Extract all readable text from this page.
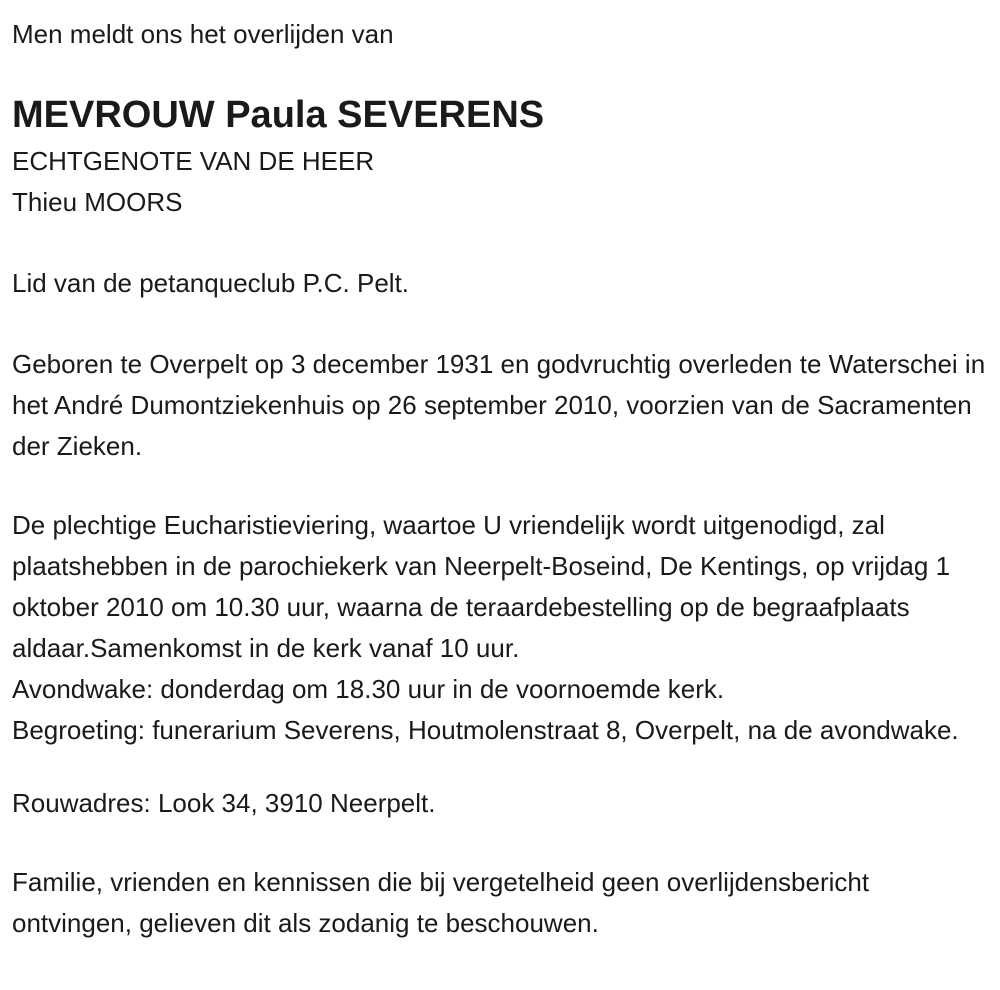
Men meldt ons het overlijden van

MEVROUW Paula SEVERENS

ECHTGENOTE VAN DE HEER

Thieu MOORS

Lid van de petanqueclub P.C. Pelt.

Geboren te Overpelt op 3 december 1931 en godvruchtig overleden te Waterschei in het André Dumontziekenhuis op 26 september 2010, voorzien van de Sacramenten der Zieken.

De plechtige Eucharistieviering, waartoe U vriendelijk wordt uitgenodigd, zal plaatshebben in de parochiekerk van Neerpelt-Boseind, De Kentings, op vrijdag 1 oktober 2010 om 10.30 uur, waarna de teraardebestelling op de begraafplaats aldaar.Samenkomst in de kerk vanaf 10 uur.

Avondwake: donderdag om 18.30 uur in de voornoemde kerk.

Begroeting: funerarium Severens, Houtmolenstraat 8, Overpelt, na de avondwake.

Rouwadres: Look 34, 3910 Neerpelt.

Familie, vrienden en kennissen die bij vergetelheid geen overlijdensbericht ontvingen, gelieven dit als zodanig te beschouwen.
